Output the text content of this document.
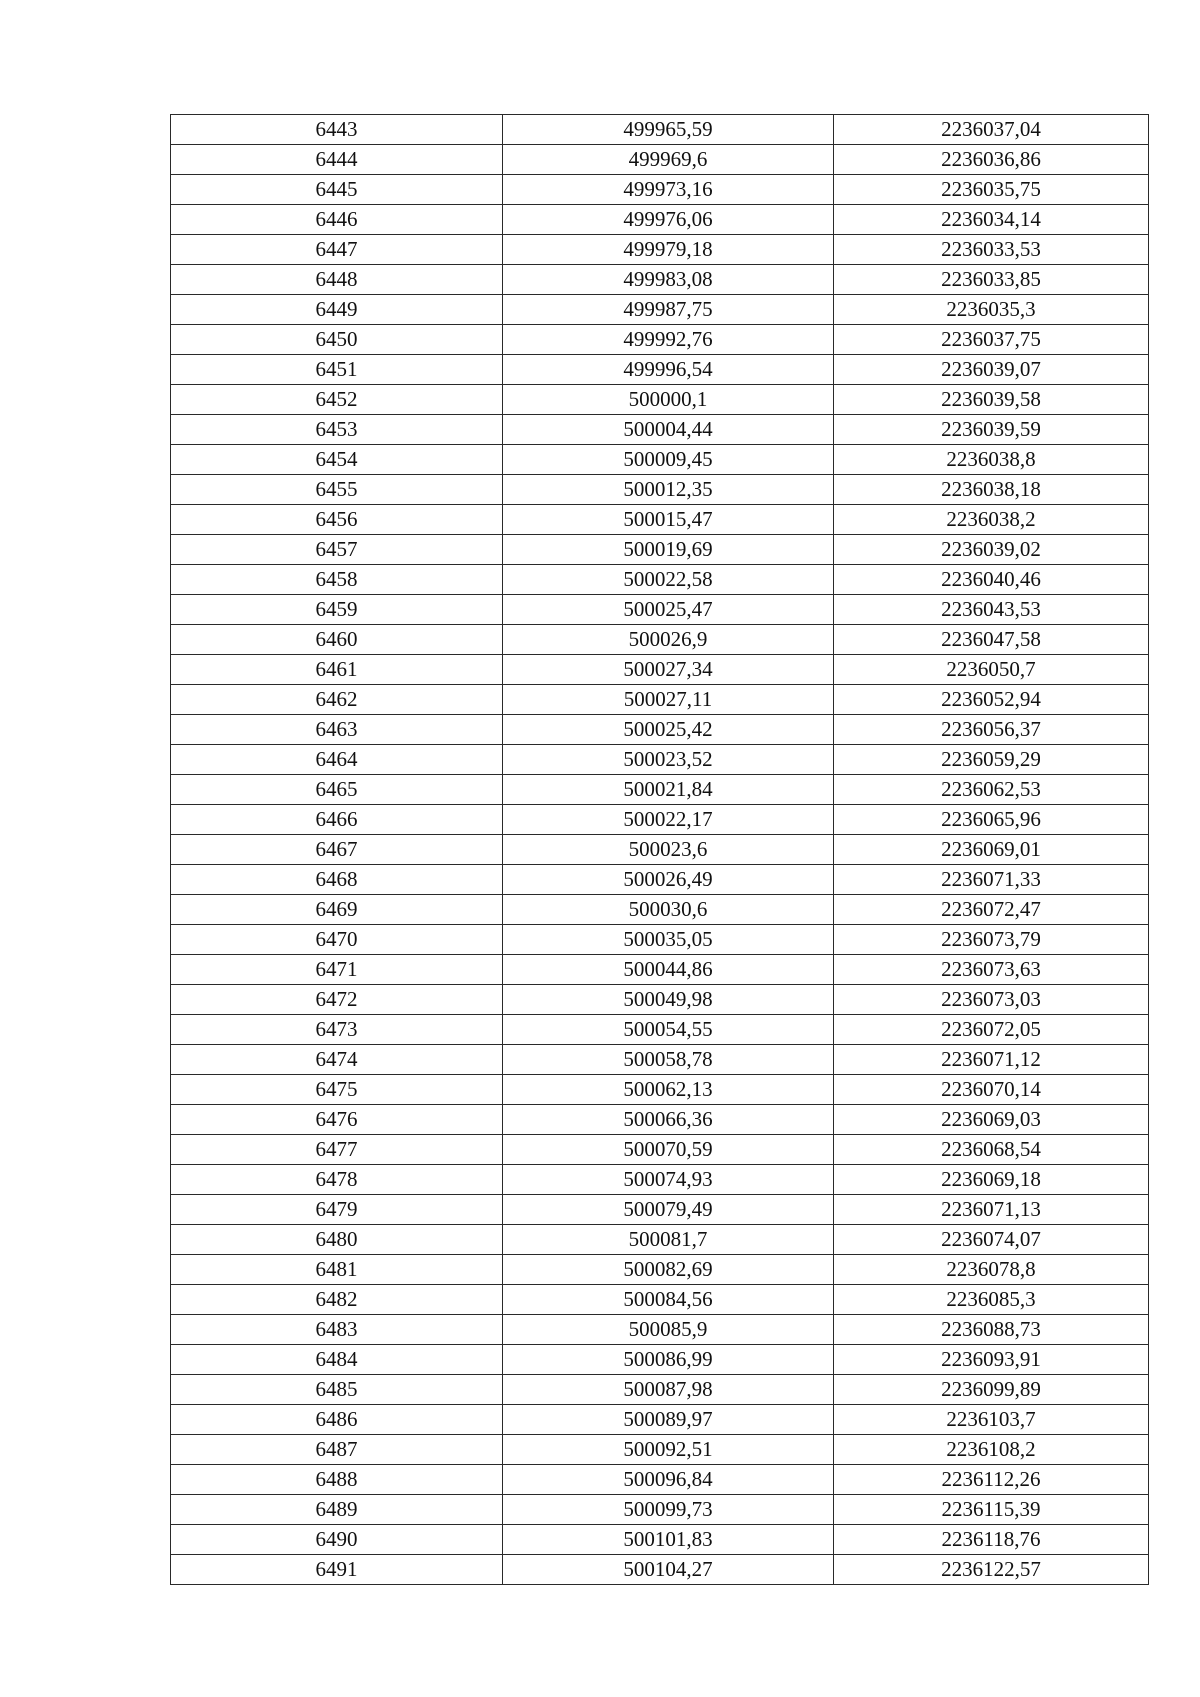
6443	499965,59	2236037,04
6444	499969,6	2236036,86
6445	499973,16	2236035,75
6446	499976,06	2236034,14
6447	499979,18	2236033,53
6448	499983,08	2236033,85
6449	499987,75	2236035,3
6450	499992,76	2236037,75
6451	499996,54	2236039,07
6452	500000,1	2236039,58
6453	500004,44	2236039,59
6454	500009,45	2236038,8
6455	500012,35	2236038,18
6456	500015,47	2236038,2
6457	500019,69	2236039,02
6458	500022,58	2236040,46
6459	500025,47	2236043,53
6460	500026,9	2236047,58
6461	500027,34	2236050,7
6462	500027,11	2236052,94
6463	500025,42	2236056,37
6464	500023,52	2236059,29
6465	500021,84	2236062,53
6466	500022,17	2236065,96
6467	500023,6	2236069,01
6468	500026,49	2236071,33
6469	500030,6	2236072,47
6470	500035,05	2236073,79
6471	500044,86	2236073,63
6472	500049,98	2236073,03
6473	500054,55	2236072,05
6474	500058,78	2236071,12
6475	500062,13	2236070,14
6476	500066,36	2236069,03
6477	500070,59	2236068,54
6478	500074,93	2236069,18
6479	500079,49	2236071,13
6480	500081,7	2236074,07
6481	500082,69	2236078,8
6482	500084,56	2236085,3
6483	500085,9	2236088,73
6484	500086,99	2236093,91
6485	500087,98	2236099,89
6486	500089,97	2236103,7
6487	500092,51	2236108,2
6488	500096,84	2236112,26
6489	500099,73	2236115,39
6490	500101,83	2236118,76
6491	500104,27	2236122,57
